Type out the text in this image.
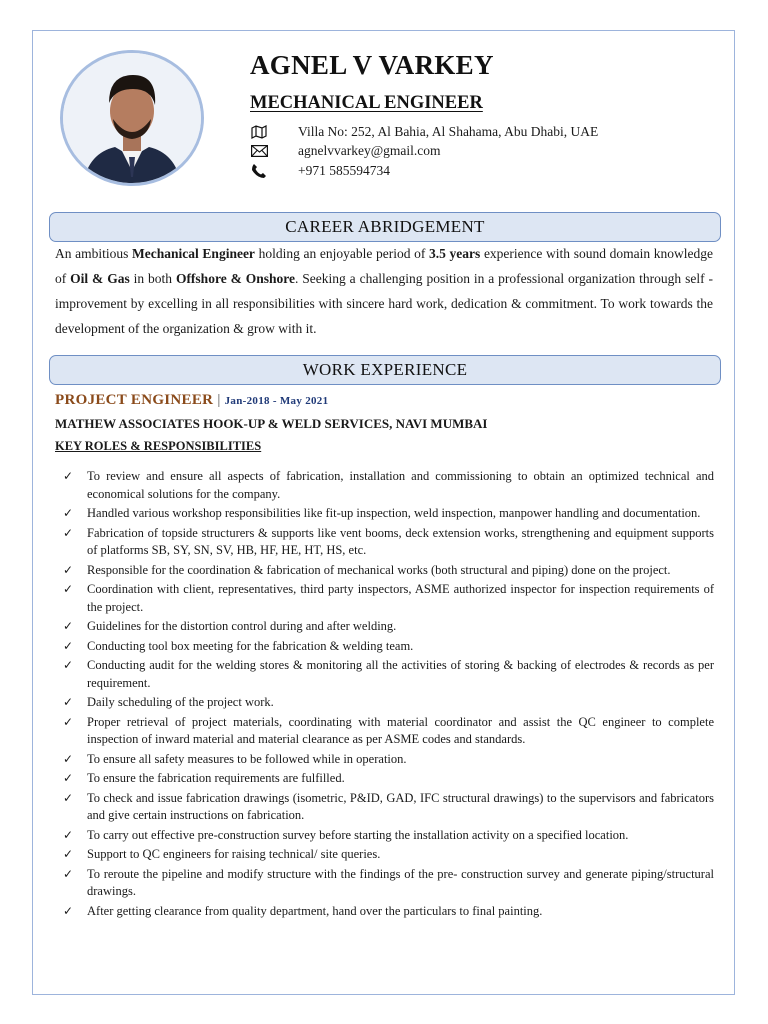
AGNEL V VARKEY
MECHANICAL ENGINEER
Villa No: 252, Al Bahia, Al Shahama, Abu Dhabi, UAE
agnelvvarkey@gmail.com
+971 585594734
CAREER ABRIDGEMENT
An ambitious Mechanical Engineer holding an enjoyable period of 3.5 years experience with sound domain knowledge of Oil & Gas in both Offshore & Onshore. Seeking a challenging position in a professional organization through self - improvement by excelling in all responsibilities with sincere hard work, dedication & commitment. To work towards the development of the organization & grow with it.
WORK EXPERIENCE
PROJECT ENGINEER | Jan-2018 - May 2021
MATHEW ASSOCIATES HOOK-UP & WELD SERVICES, NAVI MUMBAI
KEY ROLES & RESPONSIBILITIES
✓ To review and ensure all aspects of fabrication, installation and commissioning to obtain an optimized technical and economical solutions for the company.
✓ Handled various workshop responsibilities like fit-up inspection, weld inspection, manpower handling and documentation.
✓ Fabrication of topside structurers & supports like vent booms, deck extension works, strengthening and equipment supports of platforms SB, SY, SN, SV, HB, HF, HE, HT, HS, etc.
✓ Responsible for the coordination & fabrication of mechanical works (both structural and piping) done on the project.
✓ Coordination with client, representatives, third party inspectors, ASME authorized inspector for inspection requirements of the project.
✓ Guidelines for the distortion control during and after welding.
✓ Conducting tool box meeting for the fabrication & welding team.
✓ Conducting audit for the welding stores & monitoring all the activities of storing & backing of electrodes & records as per requirement.
✓ Daily scheduling of the project work.
✓ Proper retrieval of project materials, coordinating with material coordinator and assist the QC engineer to complete inspection of inward material and material clearance as per ASME codes and standards.
✓ To ensure all safety measures to be followed while in operation.
✓ To ensure the fabrication requirements are fulfilled.
✓ To check and issue fabrication drawings (isometric, P&ID, GAD, IFC structural drawings) to the supervisors and fabricators and give certain instructions on fabrication.
✓ To carry out effective pre-construction survey before starting the installation activity on a specified location.
✓ Support to QC engineers for raising technical/ site queries.
✓ To reroute the pipeline and modify structure with the findings of the pre- construction survey and generate piping/structural drawings.
✓ After getting clearance from quality department, hand over the particulars to final painting.
